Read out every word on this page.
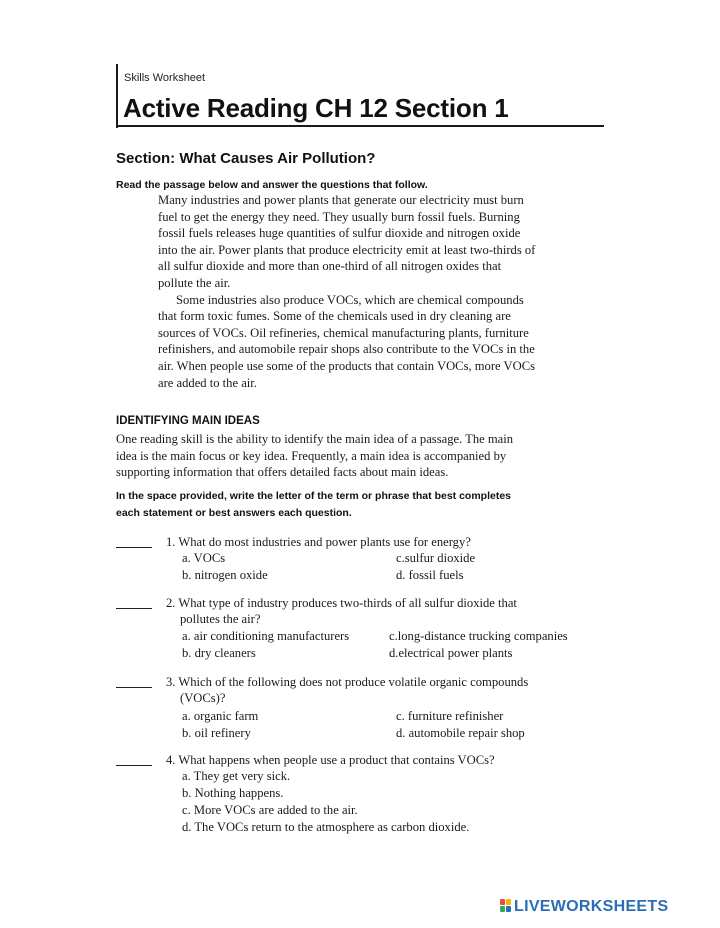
Skills Worksheet
Active Reading CH 12 Section 1
Section: What Causes Air Pollution?
Read the passage below and answer the questions that follow.

Many industries and power plants that generate our electricity must burn

fuel to get the energy they need. They usually burn fossil fuels. Burning

fossil fuels releases huge quantities of sulfur dioxide and nitrogen oxide

into the air. Power plants that produce electricity emit at least two-thirds of

all sulfur dioxide and more than one-third of all nitrogen oxides that

pollute the air.

Some industries also produce VOCs, which are chemical compounds

that form toxic fumes. Some of the chemicals used in dry cleaning are

sources of VOCs. Oil refineries, chemical manufacturing plants, furniture

refinishers, and automobile repair shops also contribute to the VOCs in the

air. When people use some of the products that contain VOCs, more VOCs

are added to the air.

IDENTIFYING MAIN IDEAS
One reading skill is the ability to identify the main idea of a passage. The main
idea is the main focus or key idea. Frequently, a main idea is accompanied by
supporting information that offers detailed facts about main ideas.
In the space provided, write the letter of the term or phrase that best completes
each statement or best answers each question.
1. What do most industries and power plants use for energy?
a. VOCs	c.sulfur dioxide
b. nitrogen oxide	d. fossil fuels
2. What type of industry produces two-thirds of all sulfur dioxide that
pollutes the air?
a. air conditioning manufacturers	c.long-distance trucking companies
b. dry cleaners	d.electrical power plants
3. Which of the following does not produce volatile organic compounds
(VOCs)?
a. organic farm	c. furniture refinisher
b. oil refinery	d. automobile repair shop
4. What happens when people use a product that contains VOCs?
a. They get very sick.
b. Nothing happens.
c. More VOCs are added to the air.
d. The VOCs return to the atmosphere as carbon dioxide.
LIVEWORKSHEETS
